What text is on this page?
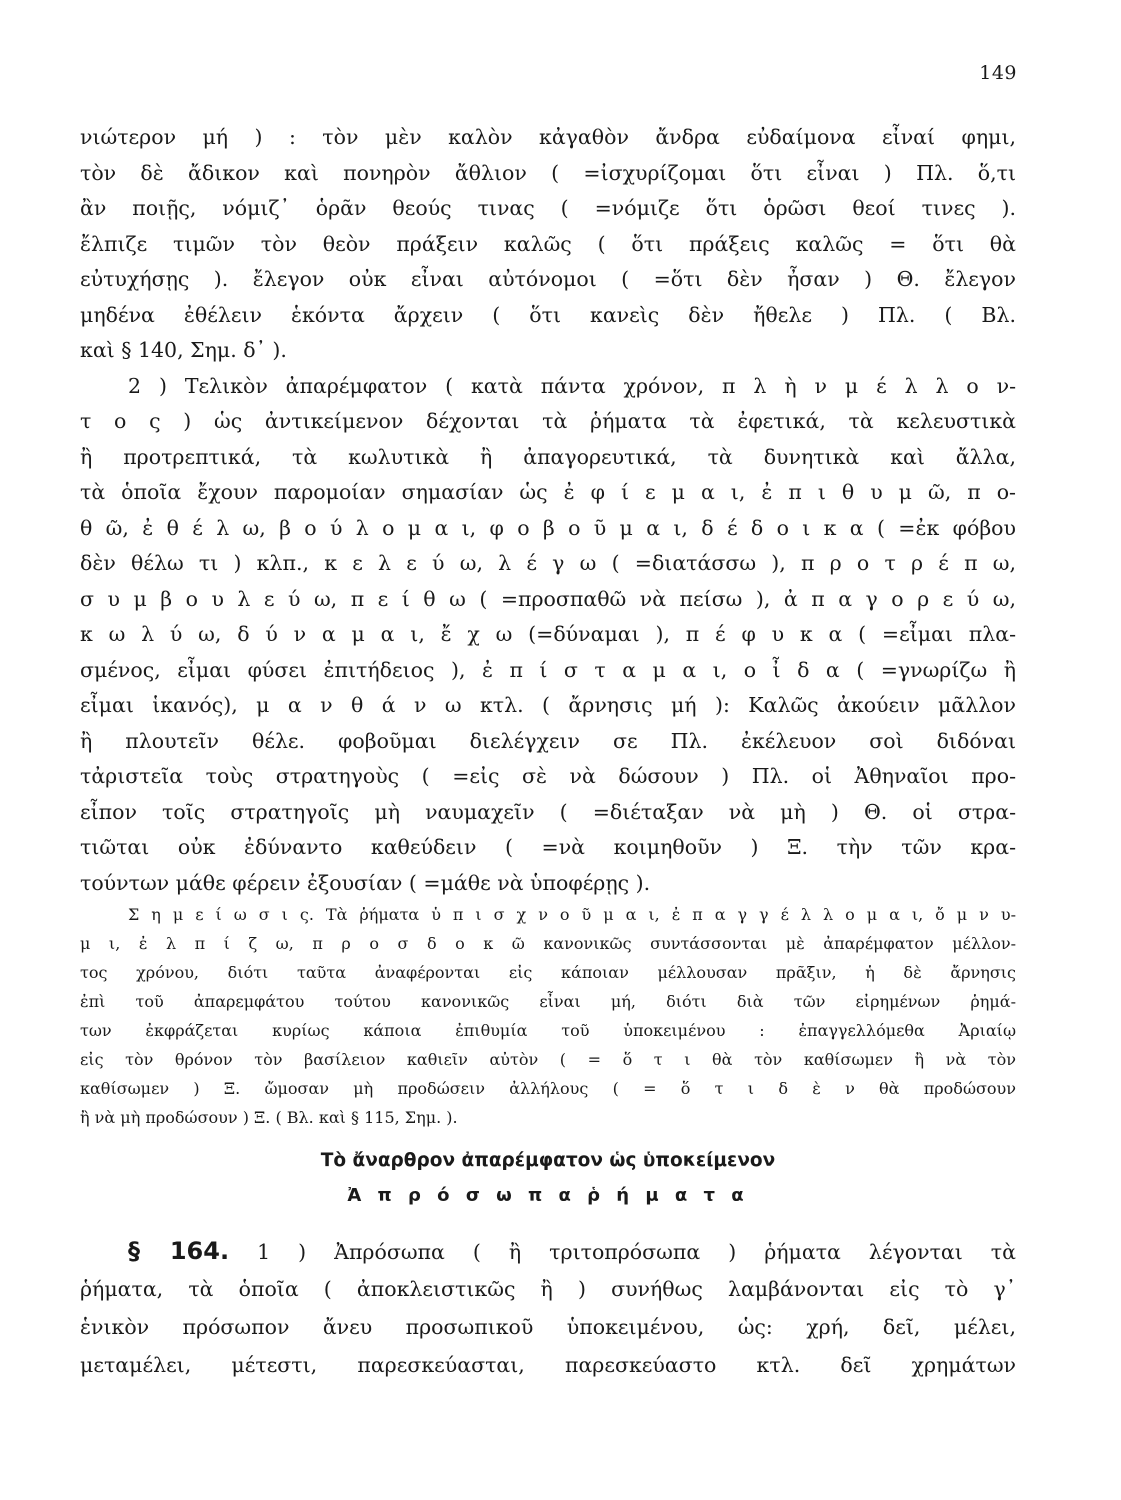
149
νιώτερον μή ) : τὸν μὲν καλὸν κἀγαθὸν ἄνδρα εὐδαίμονα εἶναί φημι,
τὸν δὲ ἄδικον καὶ πονηρὸν ἄθλιον ( =ἰσχυρίζομαι ὅτι εἶναι ) Πλ. ὅ,τι
ἂν ποιῇς, νόμιζ᾽ ὁρᾶν θεούς τινας ( =νόμιζε ὅτι ὁρῶσι θεοί τινες ).
ἔλπιζε τιμῶν τὸν θεὸν πράξειν καλῶς ( ὅτι πράξεις καλῶς = ὅτι θὰ
εὐτυχήσῃς ). ἔλεγον οὐκ εἶναι αὐτόνομοι ( =ὅτι δὲν ἦσαν ) Θ. ἔλεγον
μηδένα ἐθέλειν ἑκόντα ἄρχειν ( ὅτι κανεὶς δὲν ἤθελε ) Πλ. ( Βλ.
καὶ § 140, Σημ. δ᾽ ).
2 ) Τελικὸν ἀπαρέμφατον ( κατὰ πάντα χρόνον, π λ ὴ ν μ έ λ λ ο ν-
τ ο ς ) ὡς ἀντικείμενον δέχονται τὰ ῥήματα τὰ ἐφετικά, τὰ κελευστικὰ
ἢ προτρεπτικά, τὰ κωλυτικὰ ἢ ἀπαγορευτικά, τὰ δυνητικὰ καὶ ἄλλα,
τὰ ὁποῖα ἔχουν παρομοίαν σημασίαν ὡς ἐ φ ί ε μ α ι, ἐ π ι θ υ μ ῶ, π ο-
θ ῶ, ἐ θ έ λ ω, β ο ύ λ ο μ α ι, φ ο β ο ῦ μ α ι, δ έ δ ο ι κ α ( =ἐκ φόβου
δὲν θέλω τι ) κλπ., κ ε λ ε ύ ω, λ έ γ ω ( =διατάσσω ), π ρ ο τ ρ έ π ω,
σ υ μ β ο υ λ ε ύ ω, π ε ί θ ω ( =προσπαθῶ νὰ πείσω ), ἀ π α γ ο ρ ε ύ ω,
κ ω λ ύ ω, δ ύ ν α μ α ι, ἔ χ ω (=δύναμαι ), π έ φ υ κ α ( =εἶμαι πλα-
σμένος, εἶμαι φύσει ἐπιτήδειος ), ἐ π ί σ τ α μ α ι, ο ἶ δ α ( =γνωρίζω ἢ
εἶμαι ἱκανός), μ α ν θ ά ν ω κτλ. ( ἄρνησις μή ): Καλῶς ἀκούειν μᾶλλον
ἢ πλουτεῖν θέλε. φοβοῦμαι διελέγχειν σε Πλ. ἐκέλευον σοὶ διδόναι
τἀριστεῖα τοὺς στρατηγοὺς ( =εἰς σὲ νὰ δώσουν ) Πλ. οἱ Ἀθηναῖοι προ-
εἶπον τοῖς στρατηγοῖς μὴ ναυμαχεῖν ( =διέταξαν νὰ μὴ ) Θ. οἱ στρα-
τιῶται οὐκ ἐδύναντο καθεύδειν ( =νὰ κοιμηθοῦν ) Ξ. τὴν τῶν κρα-
τούντων μάθε φέρειν ἐξουσίαν ( =μάθε νὰ ὑποφέρῃς ).
Σ η μ ε ί ω σ ι ς. Τὰ ῥήματα ὑ π ι σ χ ν ο ῦ μ α ι, ἐ π α γ γ έ λ λ ο μ α ι, ὄ μ ν υ-
μ ι, ἐ λ π ί ζ ω, π ρ ο σ δ ο κ ῶ κανονικῶς συντάσσονται μὲ ἀπαρέμφατον μέλλον-
τος χρόνου, διότι ταῦτα ἀναφέρονται εἰς κάποιαν μέλλουσαν πρᾶξιν, ἡ δὲ ἄρνησις
ἐπὶ τοῦ ἀπαρεμφάτου τούτου κανονικῶς εἶναι μή, διότι διὰ τῶν εἰρημένων ῥημά-
των ἐκφράζεται κυρίως κάποια ἐπιθυμία τοῦ ὑποκειμένου : ἐπαγγελλόμεθα Ἀριαίῳ
εἰς τὸν θρόνον τὸν βασίλειον καθιεῖν αὐτὸν ( = ὅ τ ι θὰ τὸν καθίσωμεν ἢ νὰ τὸν
καθίσωμεν ) Ξ. ὤμοσαν μὴ προδώσειν ἀλλήλους ( = ὅ τ ι δ ὲ ν θὰ προδώσουν
ἢ νὰ μὴ προδώσουν ) Ξ. ( Βλ. καὶ § 115, Σημ. ).
Τὸ ἄναρθρον ἀπαρέμφατον ὡς ὑποκείμενον
Ἀ π ρ ό σ ω π α ῥ ή μ α τ α
§ 164. 1 ) Ἀπρόσωπα ( ἢ τριτοπρόσωπα ) ῥήματα λέγονται τὰ
ῥήματα, τὰ ὁποῖα ( ἀποκλειστικῶς ἢ ) συνήθως λαμβάνονται εἰς τὸ γ᾽
ἑνικὸν πρόσωπον ἄνευ προσωπικοῦ ὑποκειμένου, ὡς: χρή, δεῖ, μέλει,
μεταμέλει, μέτεστι, παρεσκεύασται, παρεσκεύαστο κτλ. δεῖ χρημάτων
